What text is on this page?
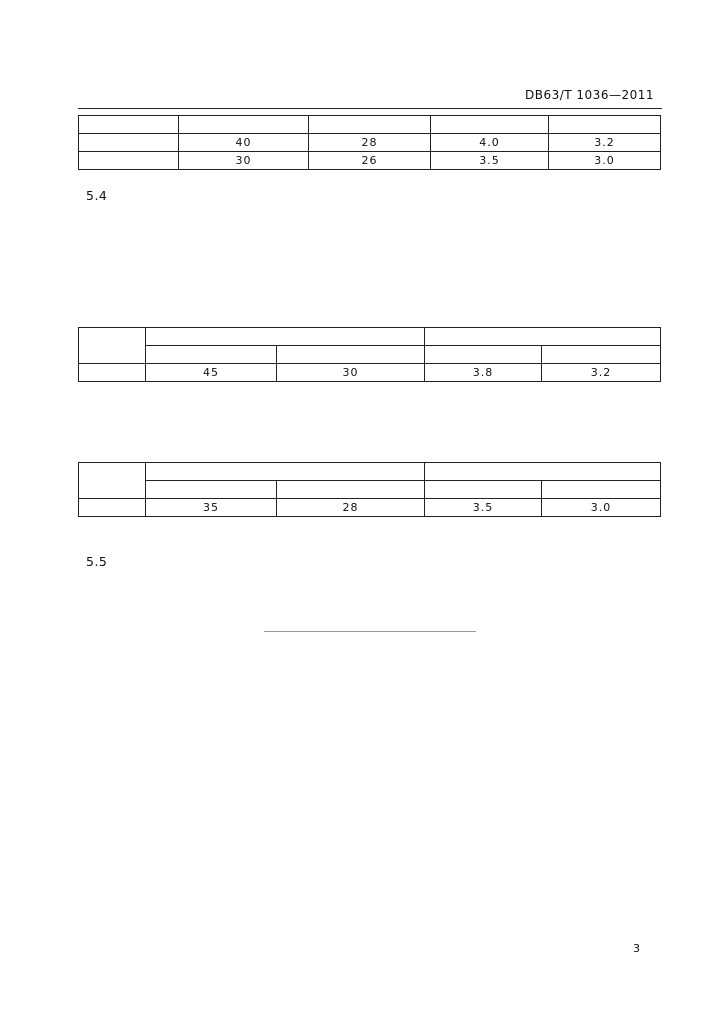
DB63/T 1036—2011

	40	28	4.0	3.2
	30	26	3.5	3.0
5.4

	45	30	3.8	3.2

	35	28	3.5	3.0
5.5
3
